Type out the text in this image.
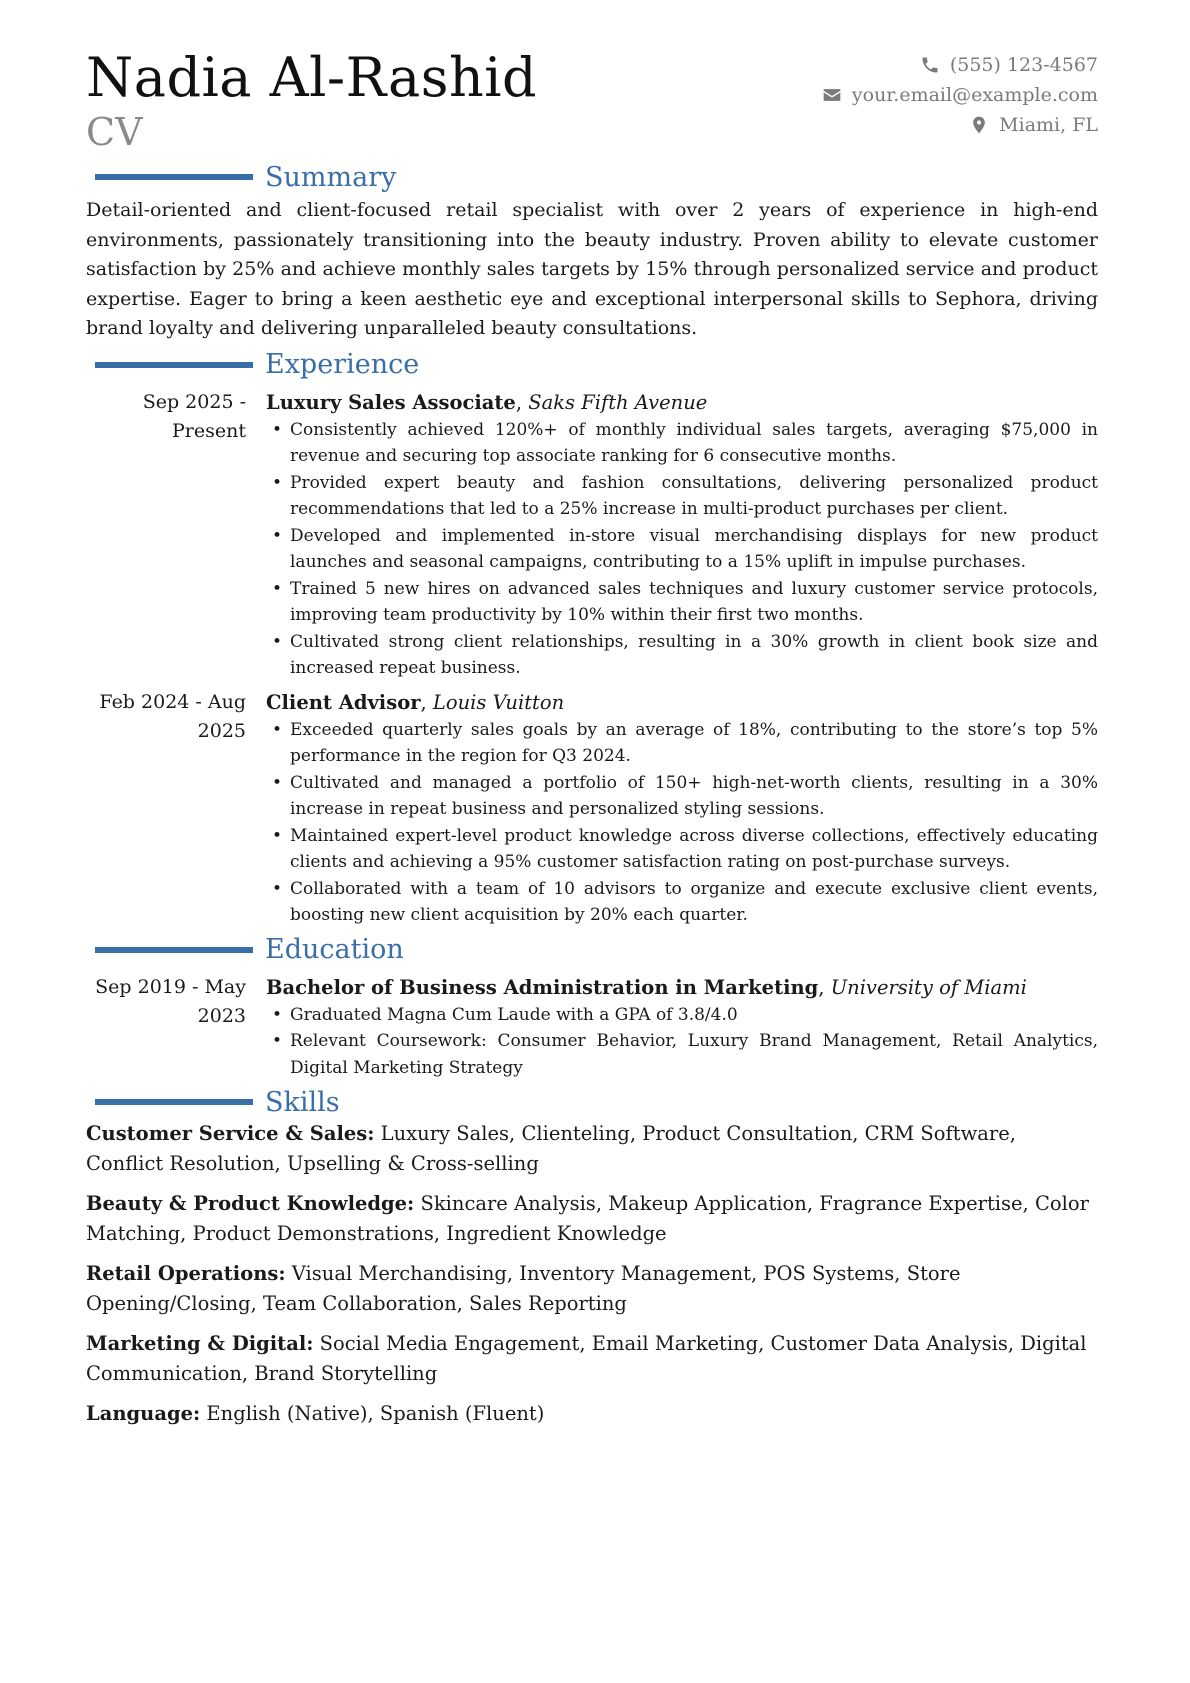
Nadia Al-Rashid
CV
(555) 123-4567
your.email@example.com
Miami, FL
Summary

Detail-oriented and client-focused retail specialist with over 2 years of experience in high-end environments, passionately transitioning into the beauty industry. Proven ability to elevate customer satisfaction by 25% and achieve monthly sales targets by 15% through personalized service and product expertise. Eager to bring a keen aesthetic eye and exceptional interpersonal skills to Sephora, driving brand loyalty and delivering unparalleled beauty consultations.

Experience
Sep 2025 - Present
Luxury Sales Associate, Saks Fifth Avenue
• Consistently achieved 120%+ of monthly individual sales targets, averaging $75,000 in revenue and securing top associate ranking for 6 consecutive months.
• Provided expert beauty and fashion consultations, delivering personalized product recommendations that led to a 25% increase in multi-product purchases per client.
• Developed and implemented in-store visual merchandising displays for new product launches and seasonal campaigns, contributing to a 15% uplift in impulse purchases.
• Trained 5 new hires on advanced sales techniques and luxury customer service protocols, improving team productivity by 10% within their first two months.
• Cultivated strong client relationships, resulting in a 30% growth in client book size and increased repeat business.
Feb 2024 - Aug 2025
Client Advisor, Louis Vuitton
• Exceeded quarterly sales goals by an average of 18%, contributing to the store’s top 5% performance in the region for Q3 2024.
• Cultivated and managed a portfolio of 150+ high-net-worth clients, resulting in a 30% increase in repeat business and personalized styling sessions.
• Maintained expert-level product knowledge across diverse collections, effectively educating clients and achieving a 95% customer satisfaction rating on post-purchase surveys.
• Collaborated with a team of 10 advisors to organize and execute exclusive client events, boosting new client acquisition by 20% each quarter.
Education
Sep 2019 - May 2023
Bachelor of Business Administration in Marketing, University of Miami
• Graduated Magna Cum Laude with a GPA of 3.8/4.0
• Relevant Coursework: Consumer Behavior, Luxury Brand Management, Retail Analytics, Digital Marketing Strategy
Skills

Customer Service & Sales: Luxury Sales, Clienteling, Product Consultation, CRM Software, Conflict Resolution, Upselling & Cross-selling

Beauty & Product Knowledge: Skincare Analysis, Makeup Application, Fragrance Expertise, Color Matching, Product Demonstrations, Ingredient Knowledge

Retail Operations: Visual Merchandising, Inventory Management, POS Systems, Store Opening/Closing, Team Collaboration, Sales Reporting

Marketing & Digital: Social Media Engagement, Email Marketing, Customer Data Analysis, Digital Communication, Brand Storytelling

Language: English (Native), Spanish (Fluent)
